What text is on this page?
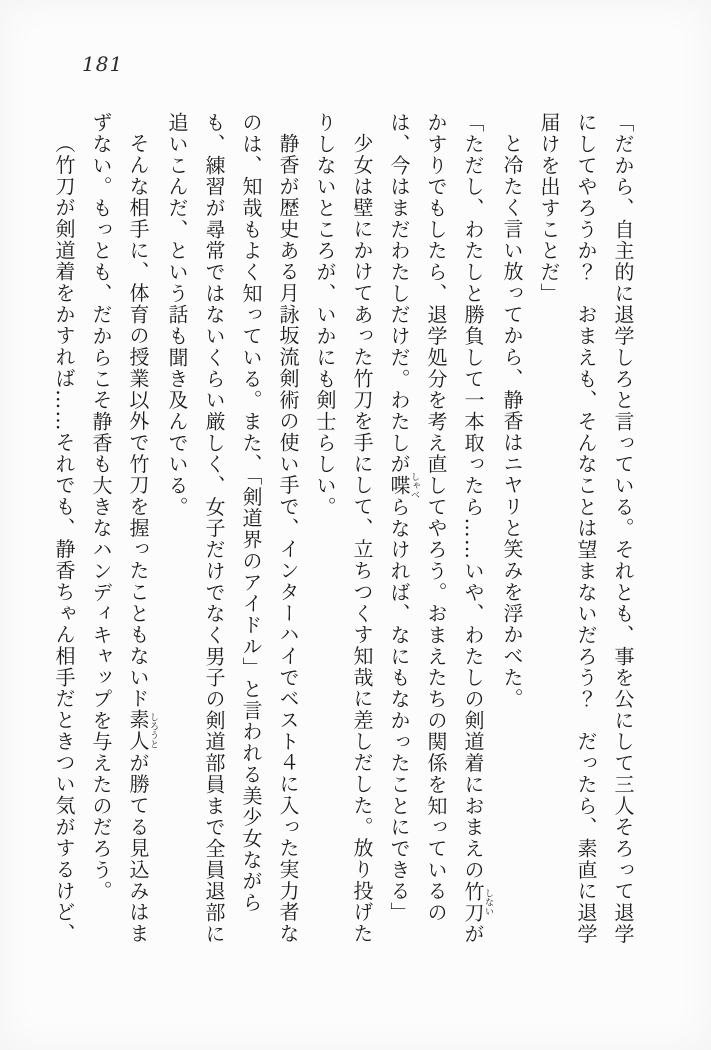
181

「だから、自主的に退学しろと言っている。それとも、事を公にして三人そろって退学にしてやろうか？　おまえも、そんなことは望まないだろう？　だったら、素直に退学届けを出すことだ」

と冷たく言い放ってから、静香はニヤリと笑みを浮かべた。

「ただし、わたしと勝負して一本取ったら……いや、わたしの剣道着におまえの竹刀しないがかすりでもしたら、退学処分を考え直してやろう。おまえたちの関係を知っているのは、今はまだわたしだけだ。わたしが喋しゃべらなければ、なにもなかったことにできる」

少女は壁にかけてあった竹刀を手にして、立ちつくす知哉に差しだした。放り投げたりしないところが、いかにも剣士らしい。

静香が歴史ある月詠坂流剣術の使い手で、インターハイでベスト４に入った実力者なのは、知哉もよく知っている。また、「剣道界のアイドル」と言われる美少女ながらも、練習が尋常ではないくらい厳しく、女子だけでなく男子の剣道部員まで全員退部に追いこんだ、という話も聞き及んでいる。

そんな相手に、体育の授業以外で竹刀を握ったこともないド素人しろうとが勝てる見込みはまずない。もっとも、だからこそ静香も大きなハンディキャップを与えたのだろう。

（竹刀が剣道着をかすれば……それでも、静香ちゃん相手だときつい気がするけど、
